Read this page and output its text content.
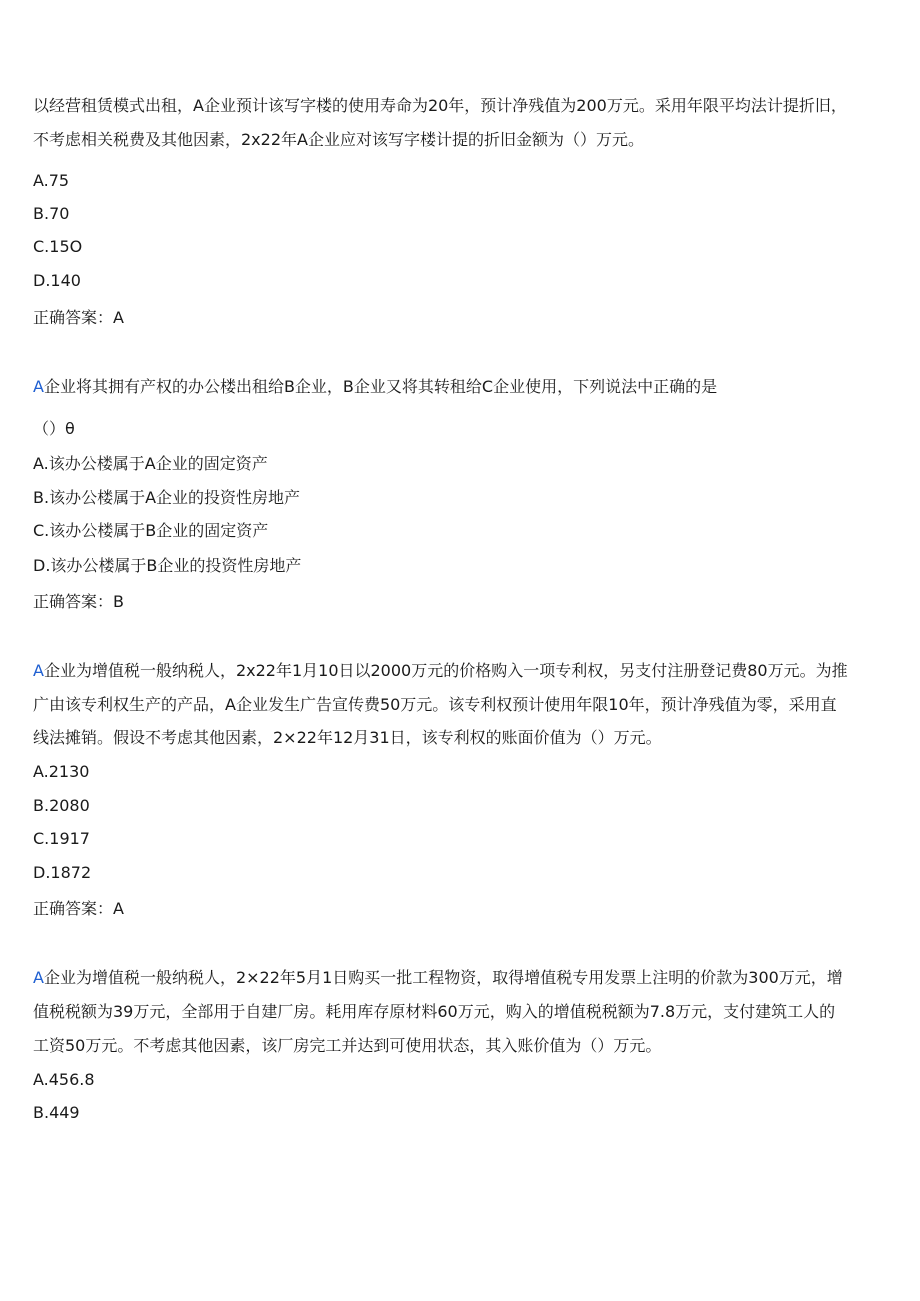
以经营租赁模式出租，A企业预计该写字楼的使用寿命为20年，预计净残值为200万元。采用年限平均法计提折旧，
不考虑相关税费及其他因素，2x22年A企业应对该写字楼计提的折旧金额为（）万元。
A.75
B.70
C.15O
D.140
正确答案：A
A企业将其拥有产权的办公楼出租给B企业，B企业又将其转租给C企业使用，下列说法中正确的是
（）θ
A.该办公楼属于A企业的固定资产
B.该办公楼属于A企业的投资性房地产
C.该办公楼属于B企业的固定资产
D.该办公楼属于B企业的投资性房地产
正确答案：B
A企业为增值税一般纳税人，2x22年1月10日以2000万元的价格购入一项专利权，另支付注册登记费80万元。为推
广由该专利权生产的产品，A企业发生广告宣传费50万元。该专利权预计使用年限10年，预计净残值为零，采用直
线法摊销。假设不考虑其他因素，2×22年12月31日，该专利权的账面价值为（）万元。
A.2130
B.2080
C.1917
D.1872
正确答案：A
A企业为增值税一般纳税人，2×22年5月1日购买一批工程物资，取得增值税专用发票上注明的价款为300万元，增
值税税额为39万元，全部用于自建厂房。耗用库存原材料60万元，购入的增值税税额为7.8万元，支付建筑工人的
工资50万元。不考虑其他因素，该厂房完工并达到可使用状态，其入账价值为（）万元。
A.456.8
B.449
